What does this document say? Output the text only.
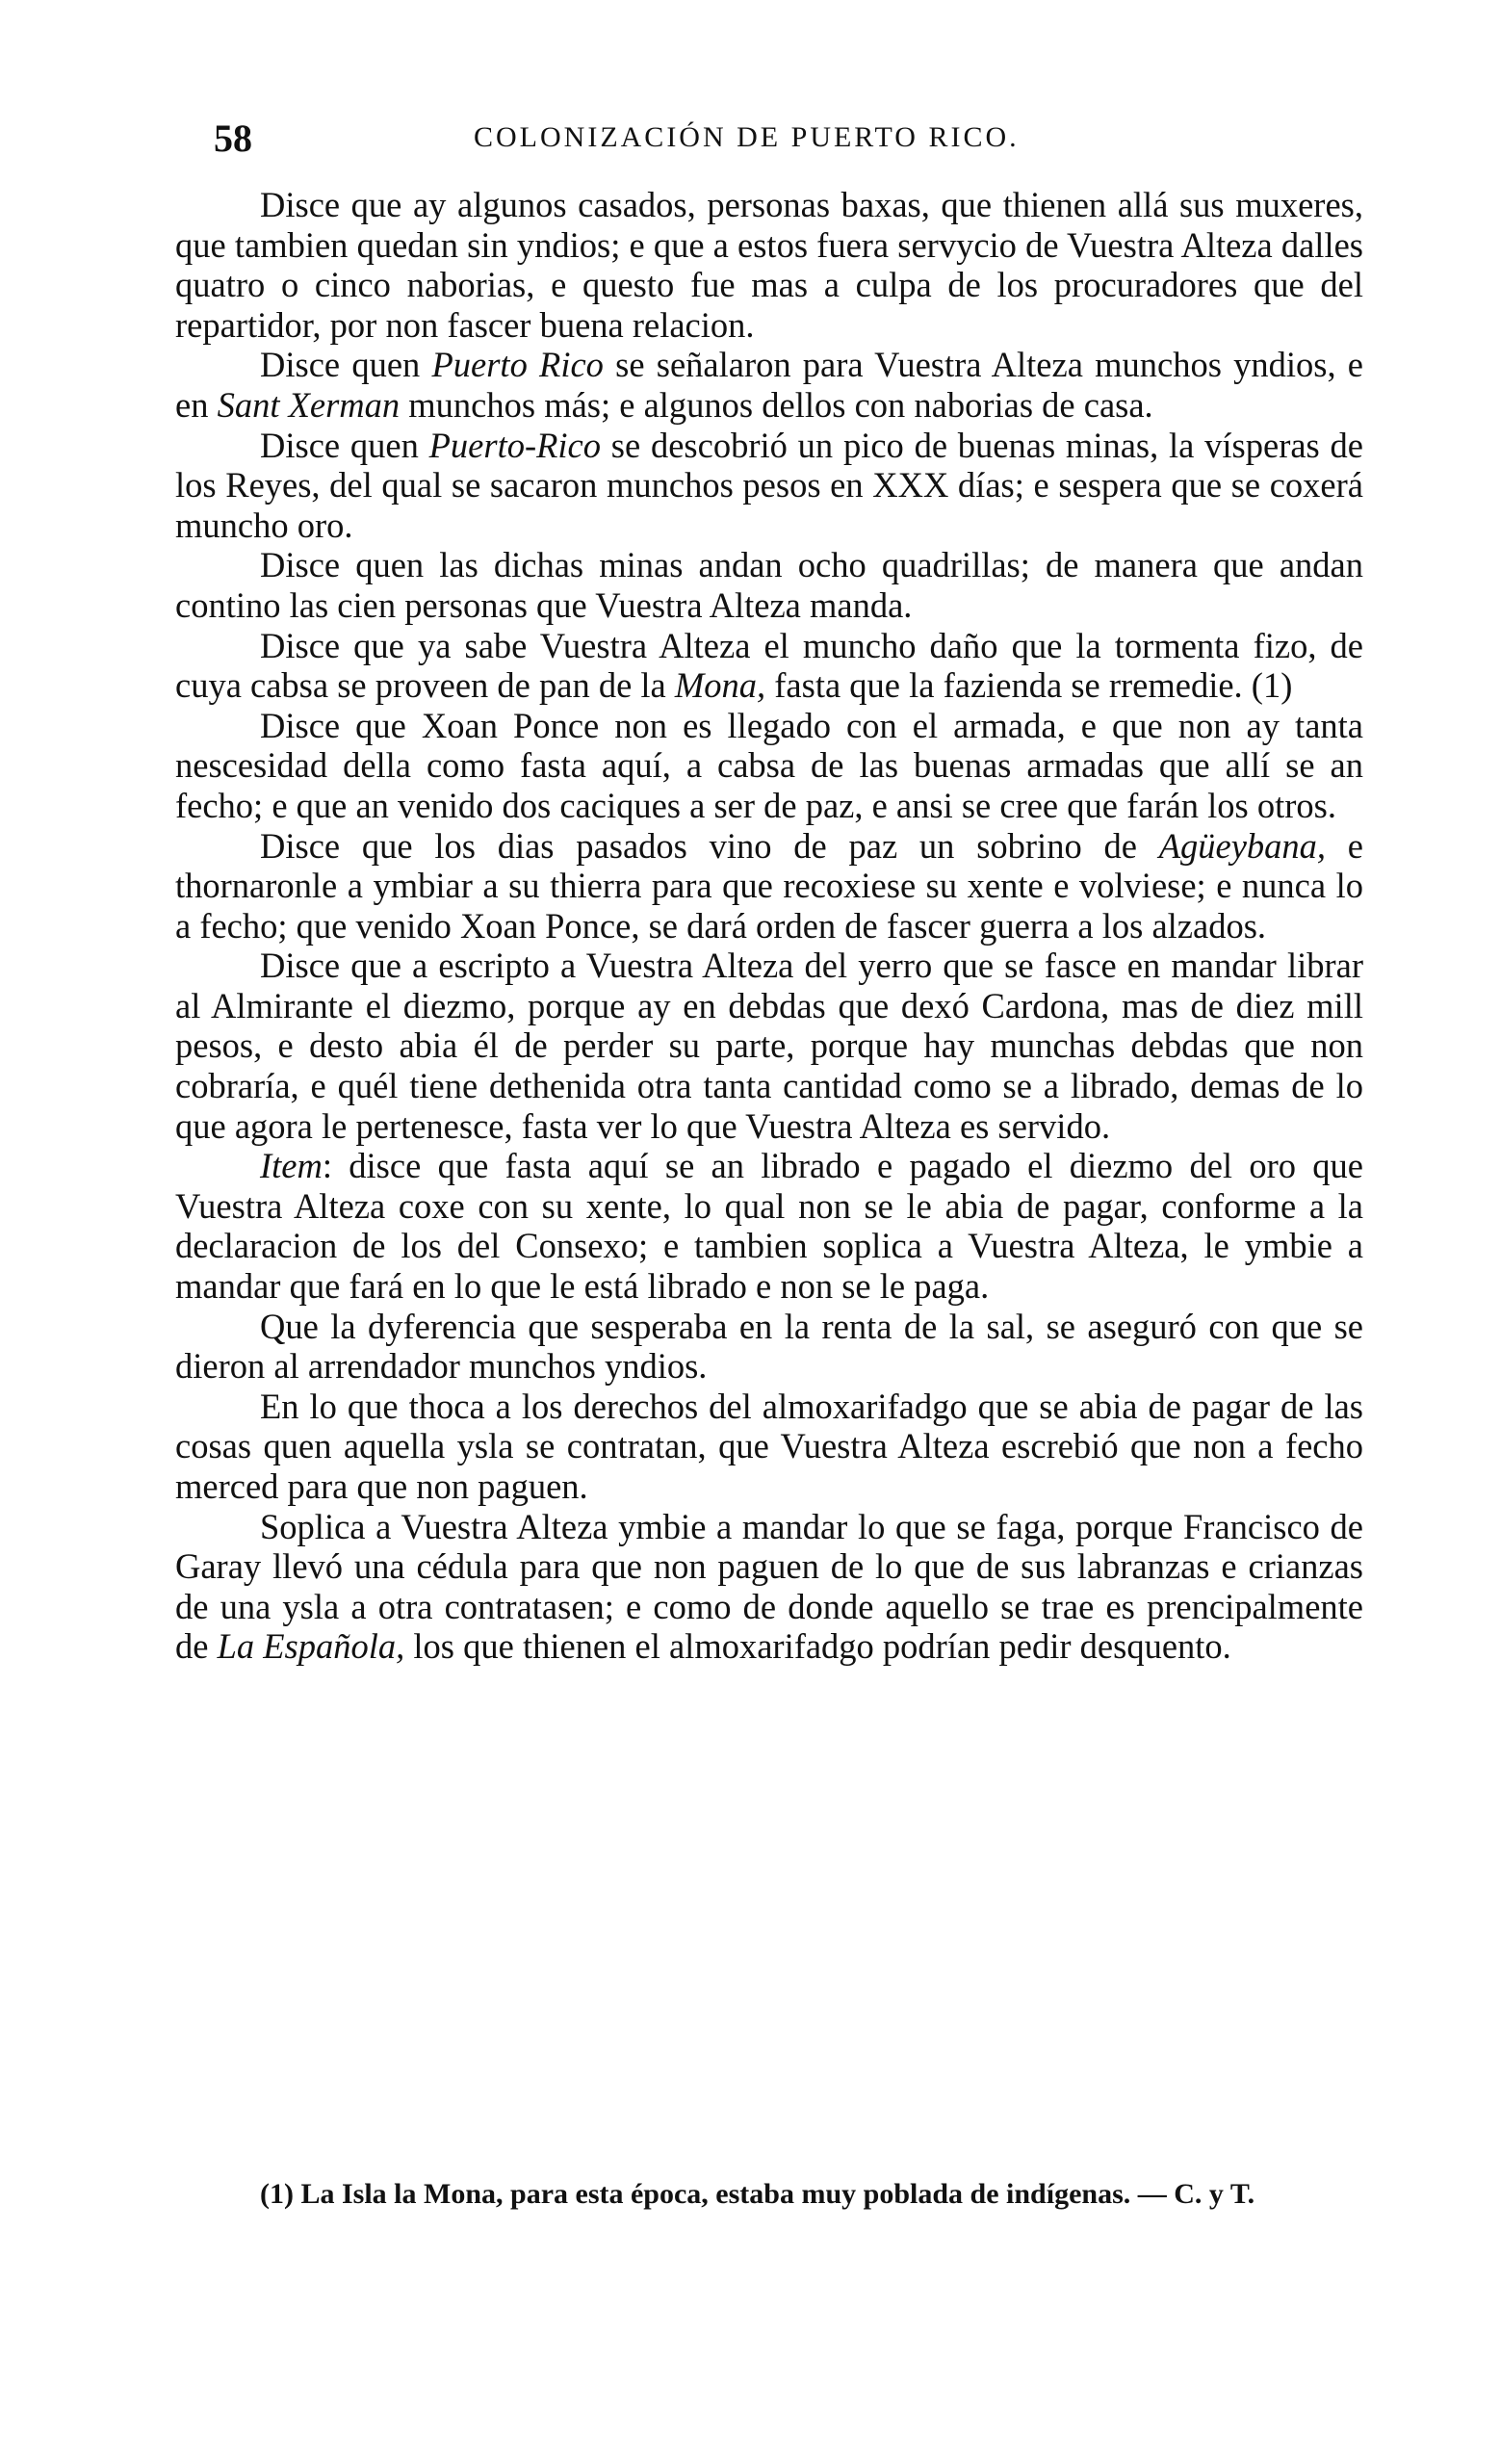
58	COLONIZACIÓN DE PUERTO RICO.

Disce que ay algunos casados, personas baxas, que thienen allá sus muxeres, que tambien quedan sin yndios; e que a estos fuera servycio de Vuestra Alteza dalles quatro o cinco naborias, e questo fue mas a culpa de los procuradores que del repartidor, por non fascer buena relacion.

Disce quen Puerto Rico se señalaron para Vuestra Alteza munchos yndios, e en Sant Xerman munchos más; e algunos dellos con naborias de casa.

Disce quen Puerto-Rico se descobrió un pico de buenas minas, la vísperas de los Reyes, del qual se sacaron munchos pesos en XXX días; e sespera que se coxerá muncho oro.

Disce quen las dichas minas andan ocho quadrillas; de manera que andan contino las cien personas que Vuestra Alteza manda.

Disce que ya sabe Vuestra Alteza el muncho daño que la tormenta fizo, de cuya cabsa se proveen de pan de la Mona, fasta que la fazienda se rremedie. (1)

Disce que Xoan Ponce non es llegado con el armada, e que non ay tanta nescesidad della como fasta aquí, a cabsa de las buenas armadas que allí se an fecho; e que an venido dos caciques a ser de paz, e ansi se cree que farán los otros.

Disce que los dias pasados vino de paz un sobrino de Agüeybana, e thornaronle a ymbiar a su thierra para que recoxiese su xente e volviese; e nunca lo a fecho; que venido Xoan Ponce, se dará orden de fascer guerra a los alzados.

Disce que a escripto a Vuestra Alteza del yerro que se fasce en mandar librar al Almirante el diezmo, porque ay en debdas que dexó Cardona, mas de diez mill pesos, e desto abia él de perder su parte, porque hay munchas debdas que non cobraría, e quél tiene dethenida otra tanta cantidad como se a librado, demas de lo que agora le pertenesce, fasta ver lo que Vuestra Alteza es servido.

Item: disce que fasta aquí se an librado e pagado el diezmo del oro que Vuestra Alteza coxe con su xente, lo qual non se le abia de pagar, conforme a la declaracion de los del Consexo; e tambien soplica a Vuestra Alteza, le ymbie a mandar que fará en lo que le está librado e non se le paga.

Que la dyferencia que sesperaba en la renta de la sal, se aseguró con que se dieron al arrendador munchos yndios.

En lo que thoca a los derechos del almoxarifadgo que se abia de pagar de las cosas quen aquella ysla se contratan, que Vuestra Alteza escrebió que non a fecho merced para que non paguen.

Soplica a Vuestra Alteza ymbie a mandar lo que se faga, porque Francisco de Garay llevó una cédula para que non paguen de lo que de sus labranzas e crianzas de una ysla a otra contratasen; e como de donde aquello se trae es prencipalmente de La Española, los que thienen el almoxarifadgo podrían pedir desquento.

(1) La Isla la Mona, para esta época, estaba muy poblada de indígenas. — C. y T.
